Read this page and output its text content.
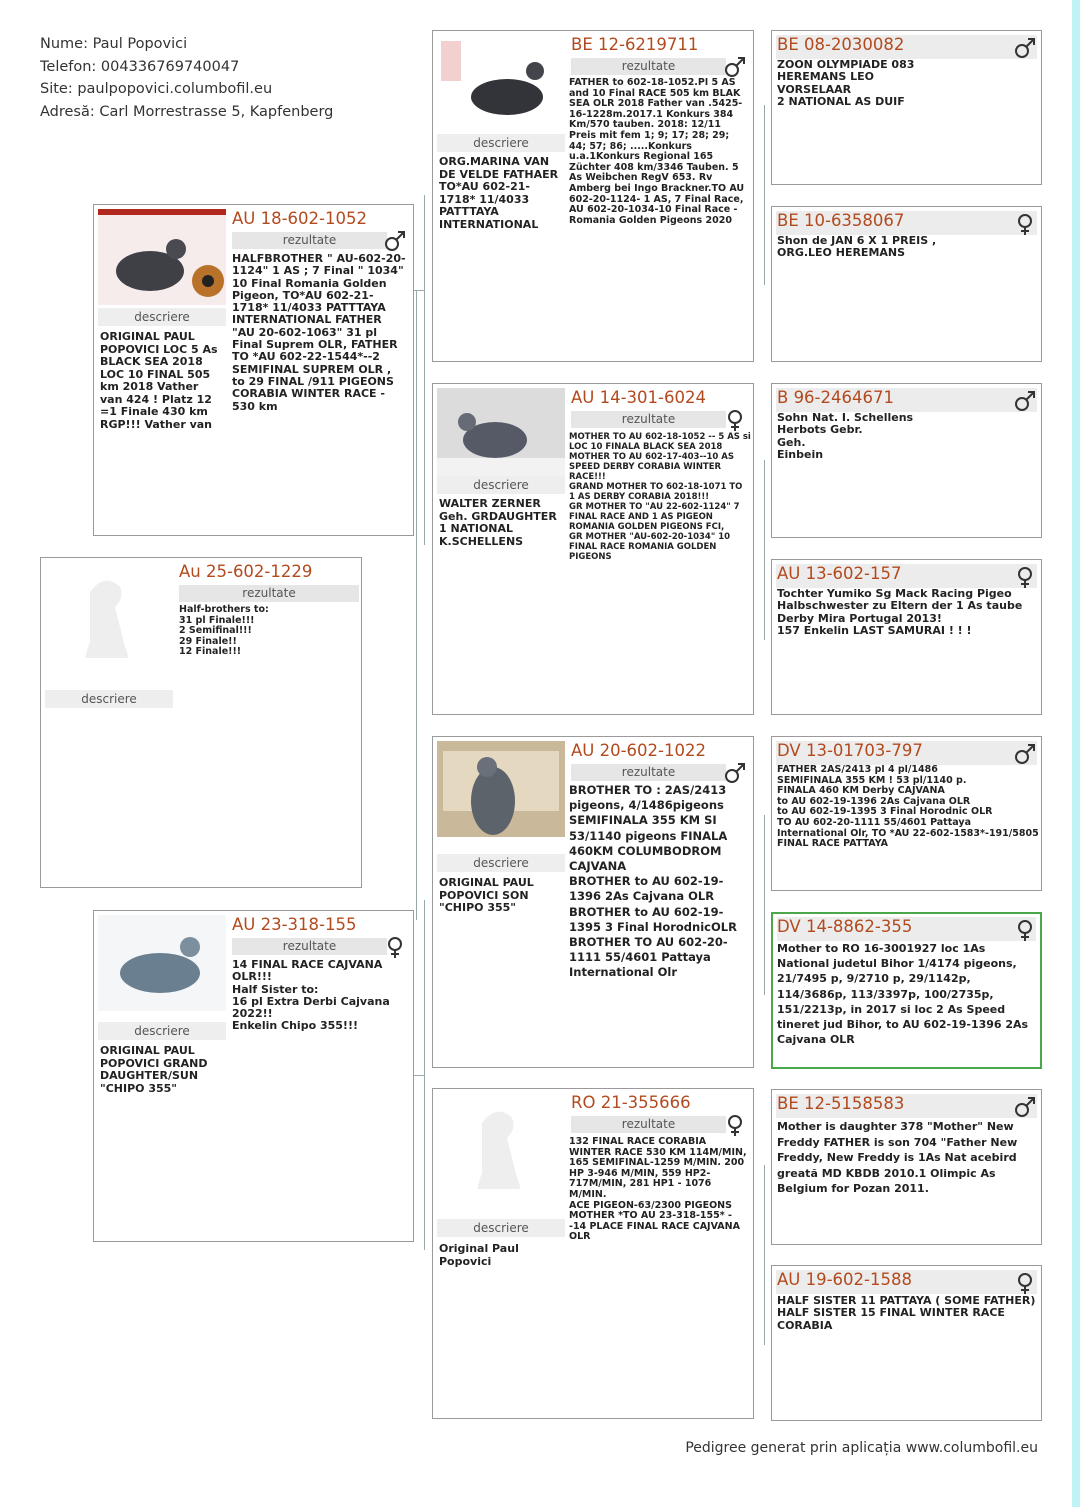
Nume: Paul Popovici
Telefon: 004336769740047
Site: paulpopovici.columbofil.eu
Adresă: Carl Morrestrasse 5, Kapfenberg
descriere
Au 25-602-1229
rezultate

Half-brothers to:

31 pl Finale!!!

2 Semifinal!!!

29 Finale!!

12 Finale!!!

descriere
ORIGINAL PAUL POPOVICI LOC 5 As BLACK SEA 2018 LOC 10 FINAL 505 km 2018 Vather van 424 ! Platz 12 =1 Finale 430 km RGP!!! Vather van
AU 18-602-1052
rezultate
HALFBROTHER " AU-602-20-1124" 1 AS ; 7 Final " 1034" 10 Final Romania Golden Pigeon, TO*AU 602-21-1718* 11/4033 PATTTAYA INTERNATIONAL FATHER "AU 20-602-1063" 31 pl Final Suprem OLR, FATHER TO *AU 602-22-1544*--2 SEMIFINAL SUPREM OLR , to 29 FINAL /911 PIGEONS CORABIA WINTER RACE - 530 km
descriere
ORIGINAL PAUL POPOVICI GRAND DAUGHTER/SUN "CHIPO 355"
AU 23-318-155
rezultate

14 FINAL RACE CAJVANA OLR!!!

Half Sister to:

16 pl Extra Derbi Cajvana 2022!!

Enkelin Chipo 355!!!

descriere
ORG.MARINA VAN DE VELDE FATHAER TO*AU 602-21-1718* 11/4033 PATTTAYA INTERNATIONAL
BE 12-6219711
rezultate
FATHER to 602-18-1052.Pl 5 AS and 10 Final RACE 505 km BLAK SEA OLR 2018 Father van .5425-16-1228m.2017.1 Konkurs 384 Km/570 tauben. 2018: 12/11 Preis mit fem 1; 9; 17; 28; 29; 44; 57; 86; .....Konkurs u.a.1Konkurs Regional 165 Züchter 408 km/3346 Tauben. 5 As Weibchen RegV 653. Rv Amberg bei Ingo Brackner.TO AU 602-20-1124- 1 AS, 7 Final Race, AU 602-20-1034-10 Final Race - Romania Golden Pigeons 2020
descriere
WALTER ZERNER Geh. GRDAUGHTER 1 NATIONAL K.SCHELLENS
AU 14-301-6024
rezultate

MOTHER TO AU 602-18-1052 -- 5 AS si LOC 10 FINALA BLACK SEA 2018

MOTHER TO AU 602-17-403--10 AS SPEED DERBY CORABIA WINTER RACE!!!

GRAND MOTHER TO 602-18-1071 TO 1 AS DERBY CORABIA 2018!!!

GR MOTHER TO "AU 22-602-1124" 7 FINAL RACE AND 1 AS PIGEON ROMANIA GOLDEN PIGEONS FCI,

GR MOTHER "AU-602-20-1034" 10 FINAL RACE ROMANIA GOLDEN PIGEONS

descriere
ORIGINAL PAUL POPOVICI SON "CHIPO 355"
AU 20-602-1022
rezultate

BROTHER TO : 2AS/2413 pigeons, 4/1486pigeons SEMIFINALA 355 KM SI 53/1140 pigeons FINALA 460KM COLUMBODROM CAJVANA

BROTHER to AU 602-19-1396 2As Cajvana OLR

BROTHER to AU 602-19-1395 3 Final HorodnicOLR

BROTHER TO AU 602-20-1111 55/4601 Pattaya International Olr

descriere
Original Paul Popovici
RO 21-355666
rezultate

132 FINAL RACE CORABIA WINTER RACE 530 KM 114M/MIN, 165 SEMIFINAL-1259 M/MIN. 200 HP 3-946 M/MIN, 559 HP2-717M/MIN, 281 HP1 - 1076 M/MIN.

ACE PIGEON-63/2300 PIGEONS

MOTHER *TO AU 23-318-155* --14 PLACE FINAL RACE CAJVANA OLR

BE 08-2030082

ZOON OLYMPIADE 083

HEREMANS LEO

VORSELAAR

2 NATIONAL AS DUIF

BE 10-6358067

Shon de JAN 6 X 1 PREIS ,

ORG.LEO HEREMANS

B 96-2464671

Sohn Nat. I. Schellens

Herbots Gebr.

Geh.

Einbein

AU 13-602-157

Tochter Yumiko Sg Mack Racing Pigeo

Halbschwester zu Eltern der 1 As taube Derby Mira Portugal 2013!

157 Enkelin LAST SAMURAI ! ! !

DV 13-01703-797

FATHER 2AS/2413 pl 4 pl/1486

SEMIFINALA 355 KM ! 53 pl/1140 p.

FINALA 460 KM Derby CAJVANA

to AU 602-19-1396 2As Cajvana OLR

to AU 602-19-1395 3 Final Horodnic OLR

TO AU 602-20-1111 55/4601 Pattaya International Olr, TO *AU 22-602-1583*-191/5805 FINAL RACE PATTAYA

DV 14-8862-355
Mother to RO 16-3001927 loc 1As National judetul Bihor 1/4174 pigeons, 21/7495 p, 9/2710 p, 29/1142p, 114/3686p, 113/3397p, 100/2735p, 151/2213p, in 2017 si loc 2 As Speed tineret jud Bihor, to AU 602-19-1396 2As Cajvana OLR
BE 12-5158583
Mother is daughter 378 "Mother" New Freddy FATHER is son 704 "Father New Freddy, New Freddy is 1As Nat acebird greată MD KBDB 2010.1 Olimpic As Belgium for Pozan 2011.
AU 19-602-1588

HALF SISTER 11 PATTAYA ( SOME FATHER)

HALF SISTER 15 FINAL WINTER RACE CORABIA

Pedigree generat prin aplicația www.columbofil.eu
